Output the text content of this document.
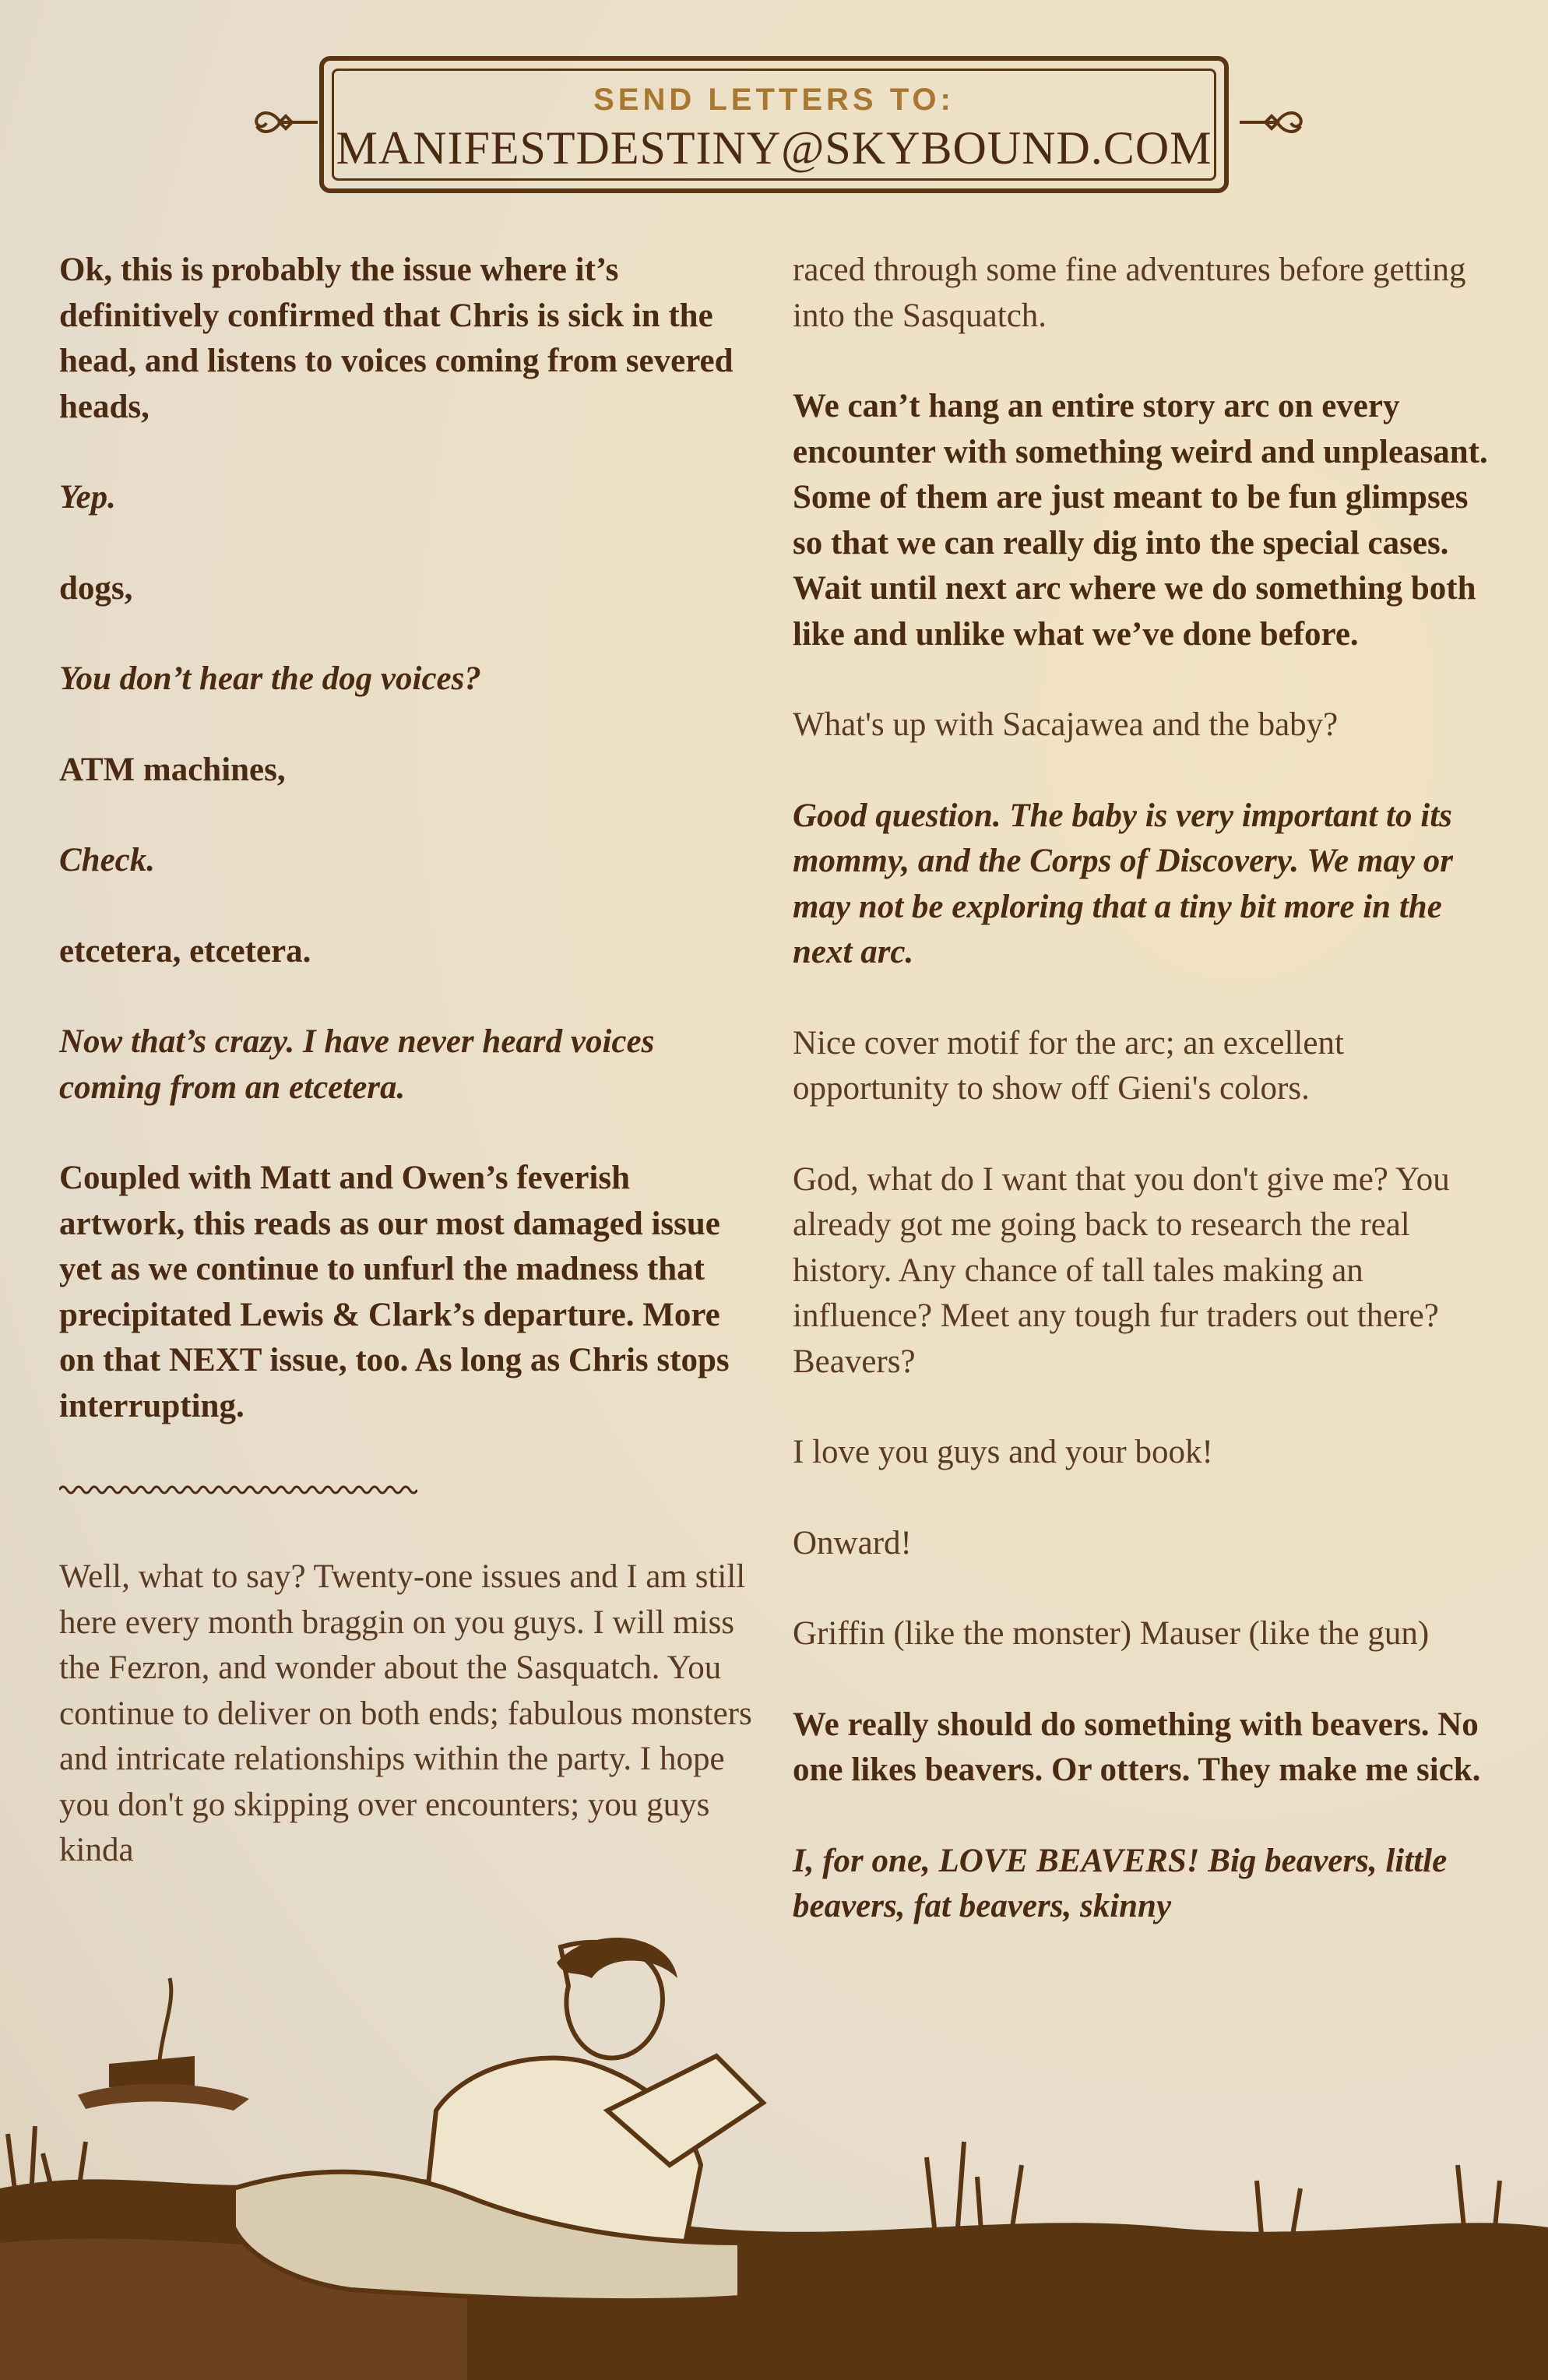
SEND LETTERS TO:
MANIFESTDESTINY@SKYBOUND.COM

Ok, this is probably the issue where it’s definitively confirmed that Chris is sick in the head, and listens to voices coming from severed heads,

Yep.

dogs,

You don’t hear the dog voices?

ATM machines,

Check.

etcetera, etcetera.

Now that’s crazy. I have never heard voices coming from an etcetera.

Coupled with Matt and Owen’s feverish artwork, this reads as our most damaged issue yet as we continue to unfurl the madness that precipitated Lewis & Clark’s departure. More on that NEXT issue, too. As long as Chris stops interrupting.

Well, what to say? Twenty-one issues and I am still here every month braggin on you guys. I will miss the Fezron, and wonder about the Sasquatch. You continue to deliver on both ends; fabulous monsters and intricate relationships within the party. I hope you don't go skipping over encounters; you guys kinda

raced through some fine adventures before getting into the Sasquatch.

We can’t hang an entire story arc on every encounter with something weird and unpleasant. Some of them are just meant to be fun glimpses so that we can really dig into the special cases. Wait until next arc where we do something both like and unlike what we’ve done before.

What's up with Sacajawea and the baby?

Good question. The baby is very important to its mommy, and the Corps of Discovery. We may or may not be exploring that a tiny bit more in the next arc.

Nice cover motif for the arc; an excellent opportunity to show off Gieni's colors.

God, what do I want that you don't give me? You already got me going back to research the real history. Any chance of tall tales making an influence? Meet any tough fur traders out there? Beavers?

I love you guys and your book!

Onward!

Griffin (like the monster) Mauser (like the gun)

We really should do something with beavers. No one likes beavers. Or otters. They make me sick.

I, for one, LOVE BEAVERS! Big beavers, little beavers, fat beavers, skinny
